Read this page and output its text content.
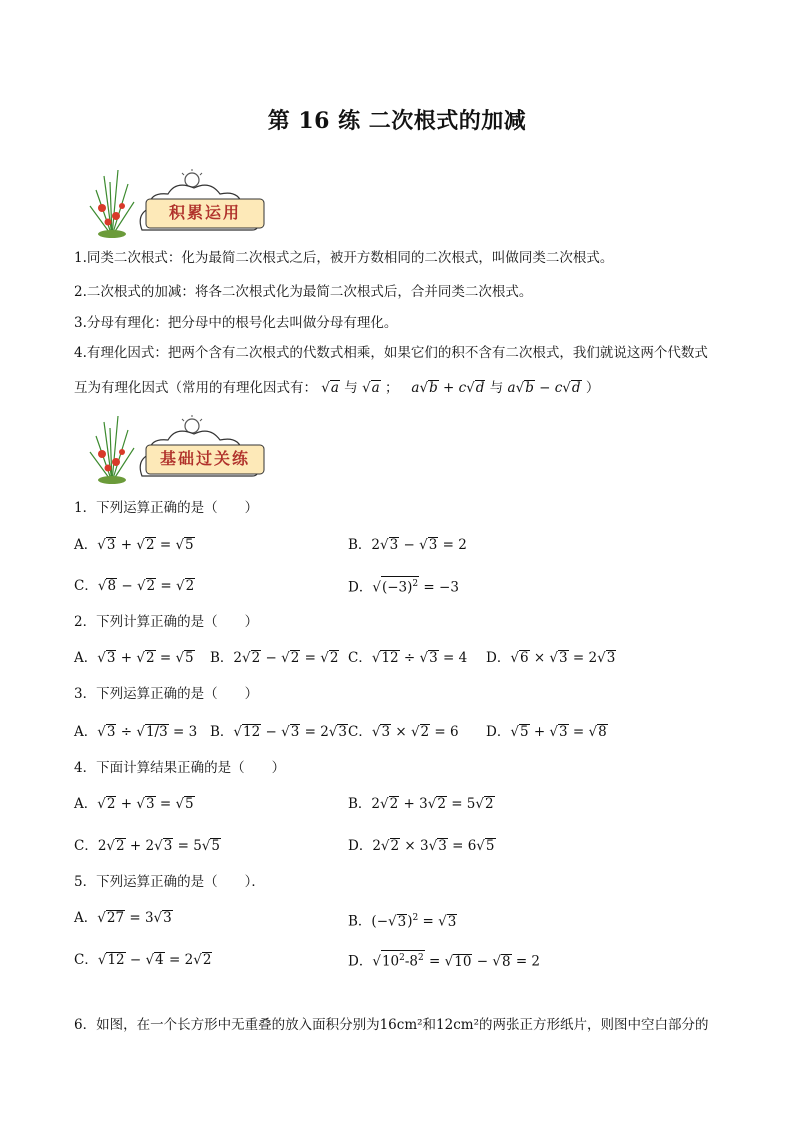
第 16 练 二次根式的加减
积累运用
1.同类二次根式：化为最简二次根式之后，被开方数相同的二次根式，叫做同类二次根式。
2.二次根式的加减：将各二次根式化为最简二次根式后，合并同类二次根式。
3.分母有理化：把分母中的根号化去叫做分母有理化。
4.有理化因式：把两个含有二次根式的代数式相乘，如果它们的积不含有二次根式，我们就说这两个代数式
互为有理化因式（常用的有理化因式有： √a 与 √a ； a√b + c√d 与 a√b − c√d ）
基础过关练
1．下列运算正确的是（　　）
A．√3 + √2 = √5	B．2√3 − √3 = 2
C．√8 − √2 = √2	D．$√(-3)^2 = -3$
2．下列计算正确的是（　　）
A．√3 + √2 = √5 B．2√2 − √2 = √2 C．√12 ÷ √3 = 4 D．√6 × √3 = 2√3
3．下列运算正确的是（　　）
A．√3 ÷ √1/3 = 3 B．√12 − √3 = 2√3 C．√3 × √2 = 6 D．√5 + √3 = √8
4．下面计算结果正确的是（　　）
A．√2 + √3 = √5	B．2√2 + 3√2 = 5√2
C．2√2 + 2√3 = 5√5	D．2√2 × 3√3 = 6√5
5．下列运算正确的是（　　）．
A．√27 = 3√3	B．$(-√3)^2 = √3$
C．√12 − √4 = 2√2	D．$√10^2-8^2 = √10 - √8 = 2$
6．如图，在一个长方形中无重叠的放入面积分别为16cm²和12cm²的两张正方形纸片，则图中空白部分的
